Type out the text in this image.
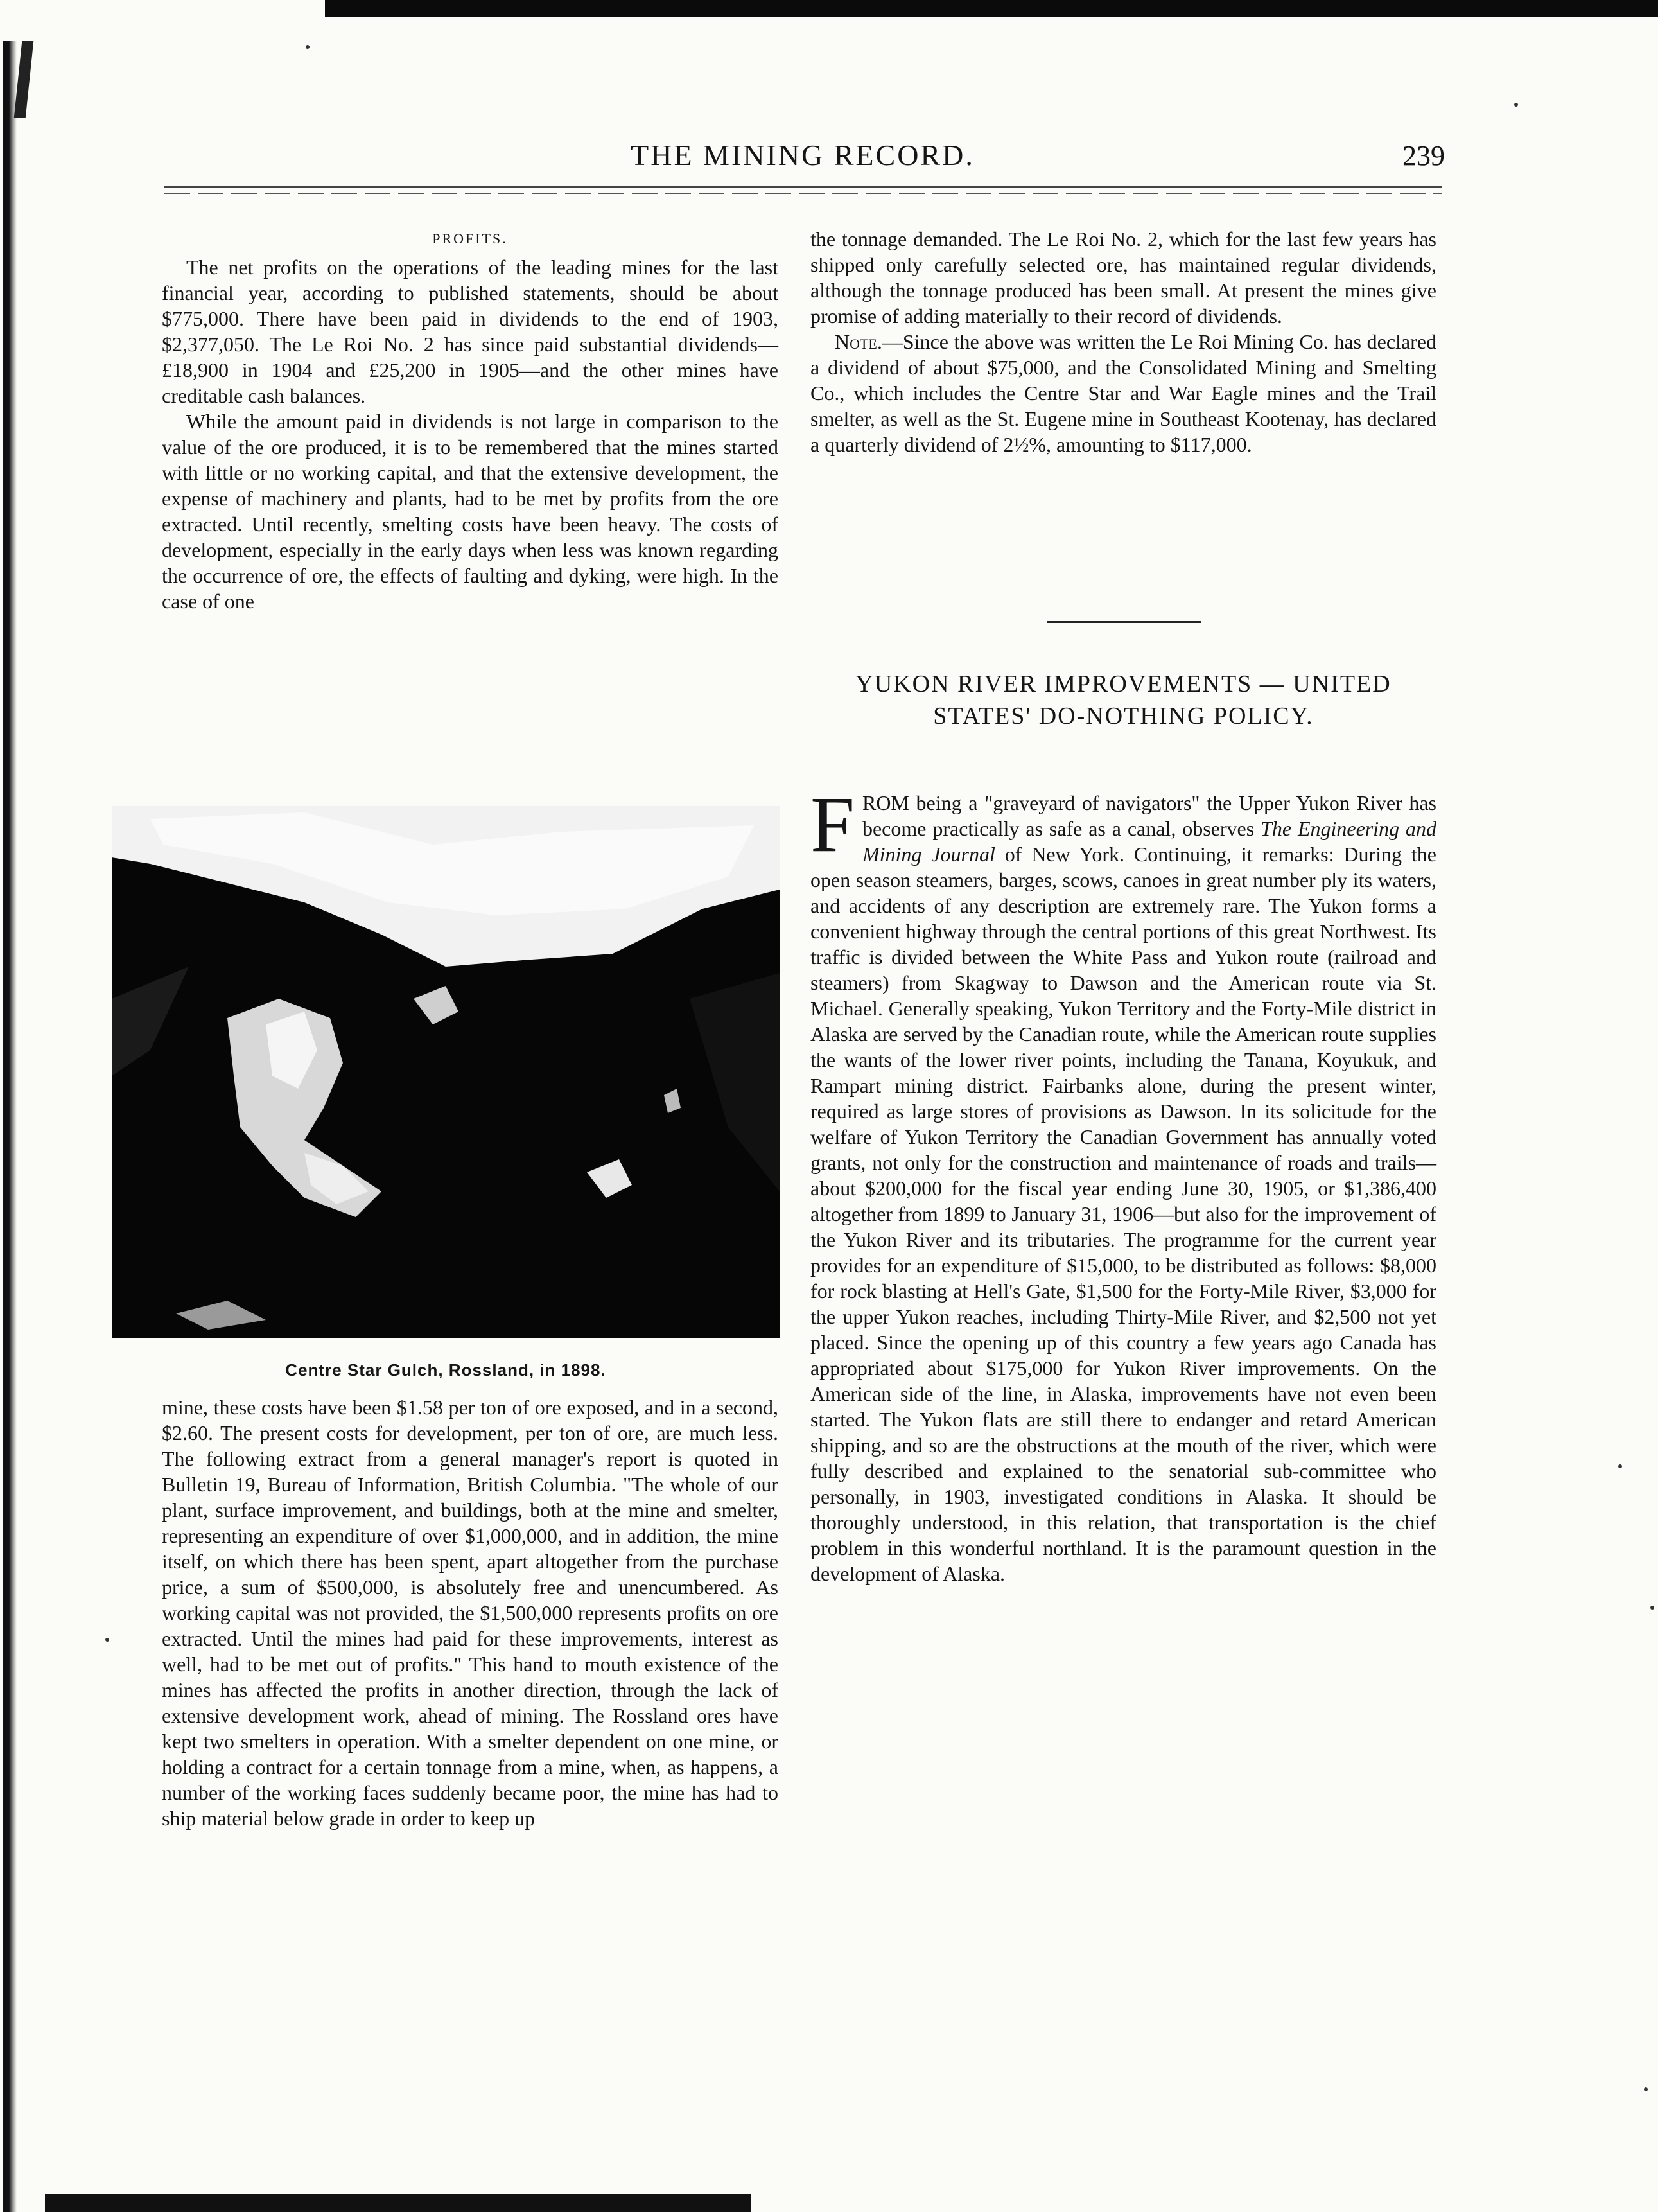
THE MINING RECORD.	239
PROFITS.

The net profits on the operations of the leading mines for the last financial year, according to published statements, should be about $775,000. There have been paid in dividends to the end of 1903, $2,377,050. The Le Roi No. 2 has since paid substantial dividends—£18,900 in 1904 and £25,200 in 1905—and the other mines have creditable cash balances.

While the amount paid in dividends is not large in comparison to the value of the ore produced, it is to be remembered that the mines started with little or no working capital, and that the extensive development, the expense of machinery and plants, had to be met by profits from the ore extracted. Until recently, smelting costs have been heavy. The costs of development, especially in the early days when less was known regarding the occurrence of ore, the effects of faulting and dyking, were high. In the case of one

Centre Star Gulch, Rossland, in 1898.

mine, these costs have been $1.58 per ton of ore exposed, and in a second, $2.60. The present costs for development, per ton of ore, are much less. The following extract from a general manager's report is quoted in Bulletin 19, Bureau of Information, British Columbia. "The whole of our plant, surface improvement, and buildings, both at the mine and smelter, representing an expenditure of over $1,000,000, and in addition, the mine itself, on which there has been spent, apart altogether from the purchase price, a sum of $500,000, is absolutely free and unencumbered. As working capital was not provided, the $1,500,000 represents profits on ore extracted. Until the mines had paid for these improvements, interest as well, had to be met out of profits." This hand to mouth existence of the mines has affected the profits in another direction, through the lack of extensive development work, ahead of mining. The Rossland ores have kept two smelters in operation. With a smelter dependent on one mine, or holding a contract for a certain tonnage from a mine, when, as happens, a number of the working faces suddenly became poor, the mine has had to ship material below grade in order to keep up

the tonnage demanded. The Le Roi No. 2, which for the last few years has shipped only carefully selected ore, has maintained regular dividends, although the tonnage produced has been small. At present the mines give promise of adding materially to their record of dividends.

Note.—Since the above was written the Le Roi Mining Co. has declared a dividend of about $75,000, and the Consolidated Mining and Smelting Co., which includes the Centre Star and War Eagle mines and the Trail smelter, as well as the St. Eugene mine in Southeast Kootenay, has declared a quarterly dividend of 2½%, amounting to $117,000.

YUKON RIVER IMPROVEMENTS — UNITED
STATES' DO-NOTHING POLICY.

FROM being a "graveyard of navigators" the Upper Yukon River has become practically as safe as a canal, observes The Engineering and Mining Journal of New York. Continuing, it remarks: During the open season steamers, barges, scows, canoes in great number ply its waters, and accidents of any description are extremely rare. The Yukon forms a convenient highway through the central portions of this great Northwest. Its traffic is divided between the White Pass and Yukon route (railroad and steamers) from Skagway to Dawson and the American route via St. Michael. Generally speaking, Yukon Territory and the Forty-Mile district in Alaska are served by the Canadian route, while the American route supplies the wants of the lower river points, including the Tanana, Koyukuk, and Rampart mining district. Fairbanks alone, during the present winter, required as large stores of provisions as Dawson. In its solicitude for the welfare of Yukon Territory the Canadian Government has annually voted grants, not only for the construction and maintenance of roads and trails—about $200,000 for the fiscal year ending June 30, 1905, or $1,386,400 altogether from 1899 to January 31, 1906—but also for the improvement of the Yukon River and its tributaries. The programme for the current year provides for an expenditure of $15,000, to be distributed as follows: $8,000 for rock blasting at Hell's Gate, $1,500 for the Forty-Mile River, $3,000 for the upper Yukon reaches, including Thirty-Mile River, and $2,500 not yet placed. Since the opening up of this country a few years ago Canada has appropriated about $175,000 for Yukon River improvements. On the American side of the line, in Alaska, improvements have not even been started. The Yukon flats are still there to endanger and retard American shipping, and so are the obstructions at the mouth of the river, which were fully described and explained to the senatorial sub-committee who personally, in 1903, investigated conditions in Alaska. It should be thoroughly understood, in this relation, that transportation is the chief problem in this wonderful northland. It is the paramount question in the development of Alaska.
